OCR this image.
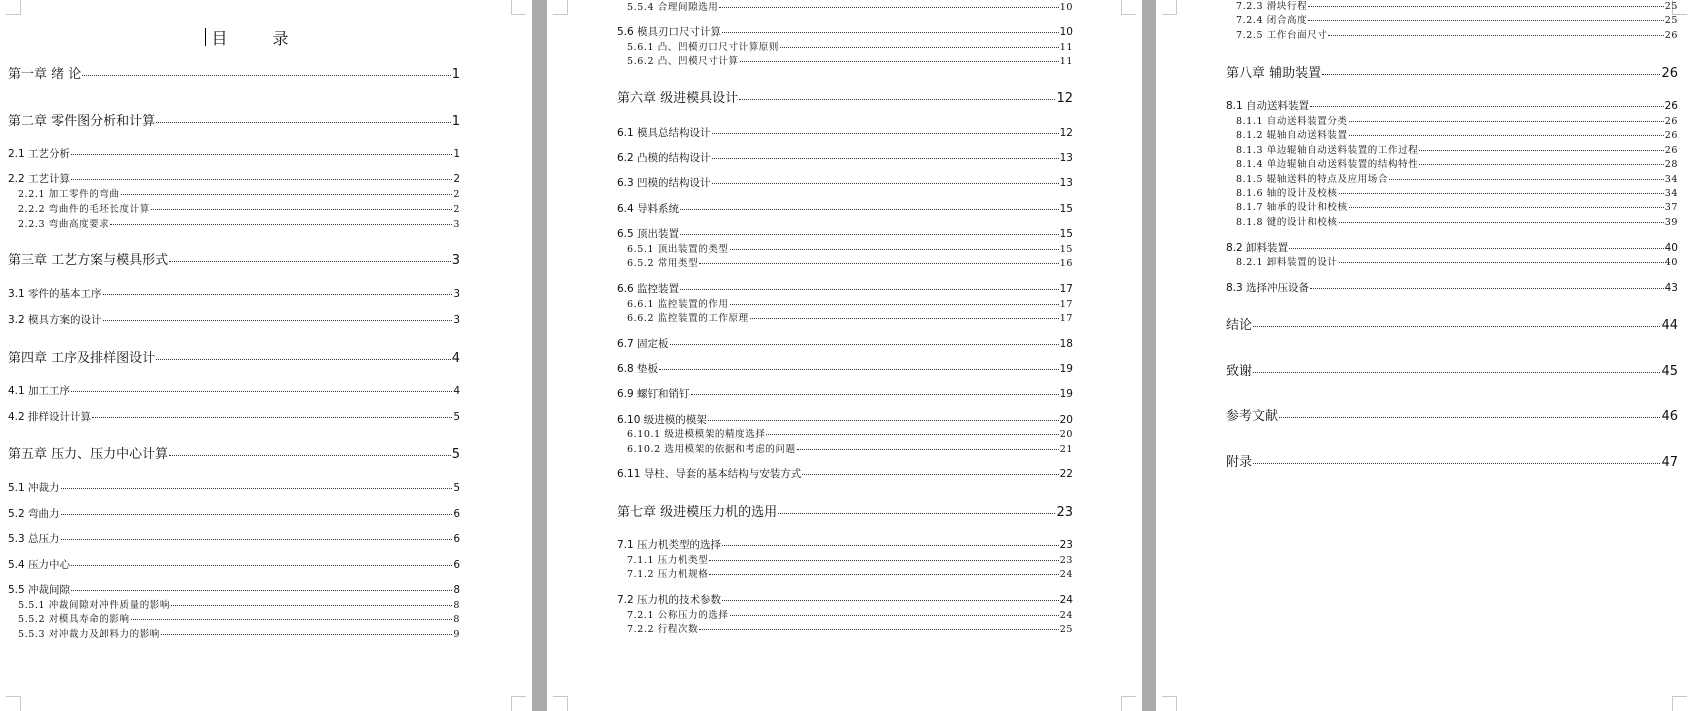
目 录
第一章 绪 论	1
第二章 零件图分析和计算	1
2.1 工艺分析	1
2.2 工艺计算	2
2.2.1 加工零件的弯曲	2
2.2.2 弯曲件的毛坯长度计算	2
2.2.3 弯曲高度要求	3
第三章 工艺方案与模具形式	3
3.1 零件的基本工序	3
3.2 模具方案的设计	3
第四章 工序及排样图设计	4
4.1 加工工序	4
4.2 排样设计计算	5
第五章 压力、压力中心计算	5
5.1 冲裁力	5
5.2 弯曲力	6
5.3 总压力	6
5.4 压力中心	6
5.5 冲裁间隙	8
5.5.1 冲裁间隙对冲件质量的影响	8
5.5.2 对模具寿命的影响	8
5.5.3 对冲裁力及卸料力的影响	9
5.5.4 合理间隙选用	10
5.6 模具刃口尺寸计算	10
5.6.1 凸、凹模刃口尺寸计算原则	11
5.6.2 凸、凹模尺寸计算	11
第六章 级进模具设计	12
6.1 模具总结构设计	12
6.2 凸模的结构设计	13
6.3 凹模的结构设计	13
6.4 导料系统	15
6.5 顶出装置	15
6.5.1 顶出装置的类型	15
6.5.2 常用类型	16
6.6 监控装置	17
6.6.1 监控装置的作用	17
6.6.2 监控装置的工作原理	17
6.7 固定板	18
6.8 垫板	19
6.9 螺钉和销钉	19
6.10 级进模的模架	20
6.10.1 级进模模架的精度选择	20
6.10.2 选用模架的依据和考虑的问题	21
6.11 导柱、导套的基本结构与安装方式	22
第七章 级进模压力机的选用	23
7.1 压力机类型的选择	23
7.1.1 压力机类型	23
7.1.2 压力机规格	24
7.2 压力机的技术参数	24
7.2.1 公称压力的选择	24
7.2.2 行程次数	25
7.2.3 滑块行程	25
7.2.4 闭合高度	25
7.2.5 工作台面尺寸	26
第八章 辅助装置	26
8.1 自动送料装置	26
8.1.1 自动送料装置分类	26
8.1.2 辊轴自动送料装置	26
8.1.3 单边辊轴自动送料装置的工作过程	26
8.1.4 单边辊轴自动送料装置的结构特性	28
8.1.5 辊轴送料的特点及应用场合	34
8.1.6 轴的设计及校核	34
8.1.7 轴承的设计和校核	37
8.1.8 键的设计和校核	39
8.2 卸料装置	40
8.2.1 卸料装置的设计	40
8.3 选择冲压设备	43
结论	44
致谢	45
参考文献	46
附录	47
